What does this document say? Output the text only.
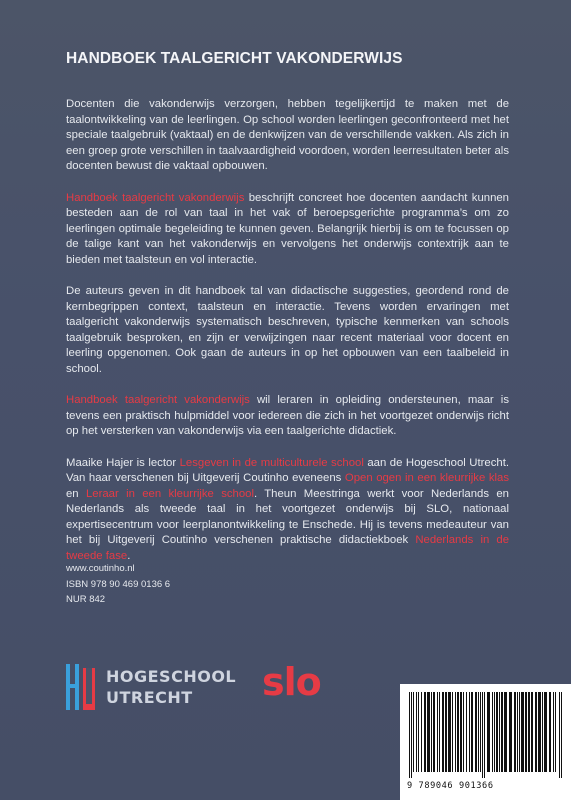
HANDBOEK TAALGERICHT VAKONDERWIJS

Docenten die vakonderwijs verzorgen, hebben tegelijkertijd te maken met de taalontwikkeling van de leerlingen. Op school worden leerlingen geconfronteerd met het speciale taalgebruik (vaktaal) en de denkwijzen van de verschillende vakken. Als zich in een groep grote verschillen in taalvaardigheid voordoen, worden leerresultaten beter als docenten bewust die vaktaal opbouwen.

Handboek taalgericht vakonderwijs beschrijft concreet hoe docenten aandacht kunnen besteden aan de rol van taal in het vak of beroepsgerichte programma’s om zo leerlingen optimale begeleiding te kunnen geven. Belangrijk hierbij is om te focussen op de talige kant van het vakonderwijs en vervolgens het onderwijs contextrijk aan te bieden met taalsteun en vol interactie.

De auteurs geven in dit handboek tal van didactische suggesties, geordend rond de kernbegrippen context, taalsteun en interactie. Tevens worden ervaringen met taalgericht vakonderwijs systematisch beschreven, typische kenmerken van schools taalgebruik besproken, en zijn er verwijzingen naar recent materiaal voor docent en leerling opgenomen. Ook gaan de auteurs in op het opbouwen van een taalbeleid in school.

Handboek taalgericht vakonderwijs wil leraren in opleiding ondersteunen, maar is tevens een praktisch hulpmiddel voor iedereen die zich in het voortgezet onderwijs richt op het versterken van vakonderwijs via een taalgerichte didactiek.

Maaike Hajer is lector Lesgeven in de multiculturele school aan de Hogeschool Utrecht. Van haar verschenen bij Uitgeverij Coutinho eveneens Open ogen in een kleurrijke klas en Leraar in een kleurrijke school. Theun Meestringa werkt voor Nederlands en Nederlands als tweede taal in het voortgezet onderwijs bij SLO, nationaal expertisecentrum voor leerplanontwikkeling te Enschede. Hij is tevens medeauteur van het bij Uitgeverij Coutinho verschenen praktische didactiekboek Nederlands in de tweede fase.

www.coutinho.nl
ISBN 978 90 469 0136 6
NUR 842
HOGESCHOOL
UTRECHT	slo
9 789046 901366
